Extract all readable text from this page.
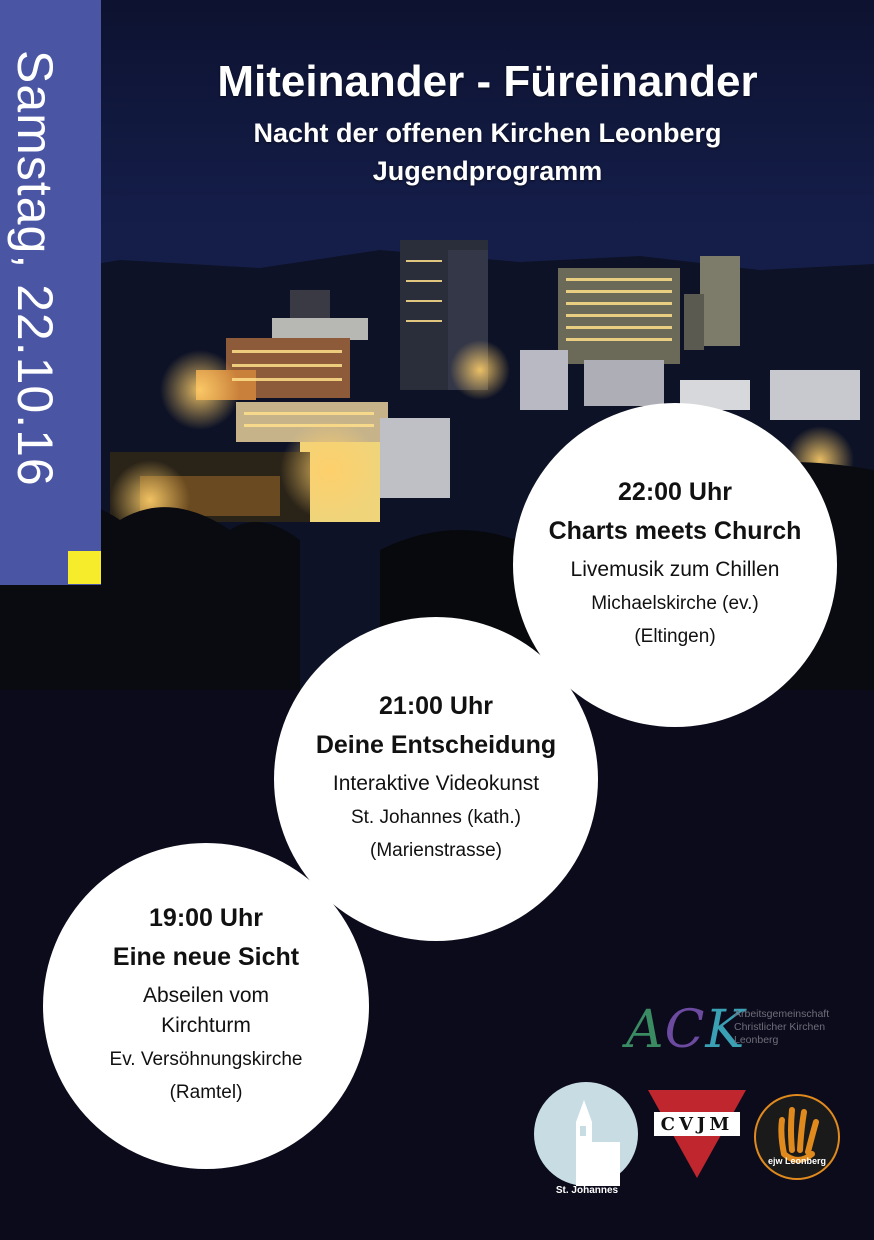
Samstag, 22.10.16	Miteinander - Füreinander
Nacht der offenen Kirchen Leonberg
Jugendprogramm
22:00 Uhr
Charts meets Church
Livemusik zum Chillen
Michaelskirche (ev.)
(Eltingen)
21:00 Uhr
Deine Entscheidung
Interaktive Videokunst
St. Johannes (kath.)
(Marienstrasse)
19:00 Uhr
Eine neue Sicht
Abseilen vom
Kirchturm
Ev. Versöhnungskirche
(Ramtel)
ACK
Arbeitsgemeinschaft
Christlicher Kirchen
Leonberg
St. Johannes
CVJM
ejw Leonberg
